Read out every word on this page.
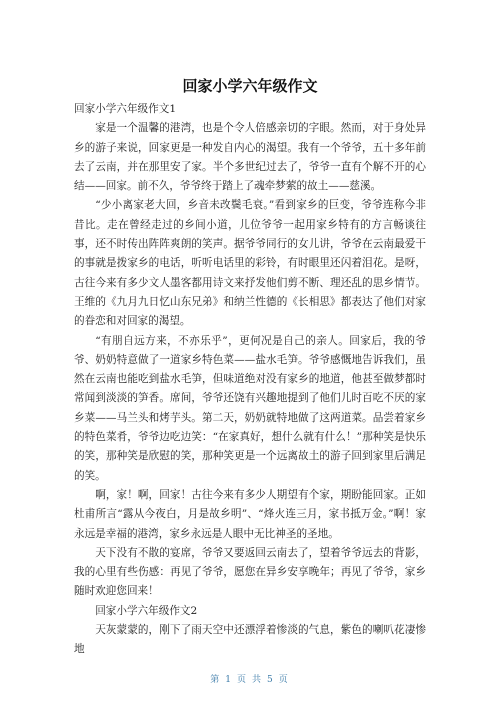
回家小学六年级作文

回家小学六年级作文1

家是一个温馨的港湾，也是个令人倍感亲切的字眼。然而，对于身处异乡的游子来说，回家更是一种发自内心的渴望。我有一个爷爷，五十多年前去了云南，并在那里安了家。半个多世纪过去了，爷爷一直有个解不开的心结——回家。前不久，爷爷终于踏上了魂牵梦萦的故土——慈溪。

“少小离家老大回，乡音未改鬓毛衰。”看到家乡的巨变，爷爷连称今非昔比。走在曾经走过的乡间小道，儿位爷爷一起用家乡特有的方言畅谈往事，还不时传出阵阵爽朗的笑声。据爷爷同行的女儿讲，爷爷在云南最爱干的事就是拨家乡的电话，听听电话里的彩铃，有时眼里还闪着泪花。是呀，古往今来有多少文人墨客都用诗文来抒发他们剪不断、理还乱的思乡情节。王维的《九月九日忆山东兄弟》和纳兰性德的《长相思》都表达了他们对家的眷恋和对回家的渴望。

“有朋自远方来，不亦乐乎”，更何况是自己的亲人。回家后，我的爷爷、奶奶特意做了一道家乡特色菜——盐水毛笋。爷爷感慨地告诉我们，虽然在云南也能吃到盐水毛笋，但味道绝对没有家乡的地道，他甚至做梦都时常闻到淡淡的笋香。席间，爷爷还饶有兴趣地提到了他们儿时百吃不厌的家乡菜——马兰头和烤芋头。第二天，奶奶就特地做了这两道菜。品尝着家乡的特色菜肴，爷爷边吃边笑：“在家真好，想什么就有什么！”那种笑是快乐的笑，那种笑是欣慰的笑，那种笑更是一个远离故土的游子回到家里后满足的笑。

啊，家！啊，回家！古往今来有多少人期望有个家，期盼能回家。正如杜甫所言“露从今夜白，月是故乡明”、“烽火连三月，家书抵万金。”啊！家永远是幸福的港湾，家乡永远是人眼中无比神圣的圣地。

天下没有不散的宴席，爷爷又要返回云南去了，望着爷爷远去的背影，我的心里有些伤感：再见了爷爷，愿您在异乡安享晚年；再见了爷爷，家乡随时欢迎您回来！

回家小学六年级作文2

天灰蒙蒙的，刚下了雨天空中还漂浮着惨淡的气息，紫色的喇叭花凄惨地

第 1 页 共 5 页
